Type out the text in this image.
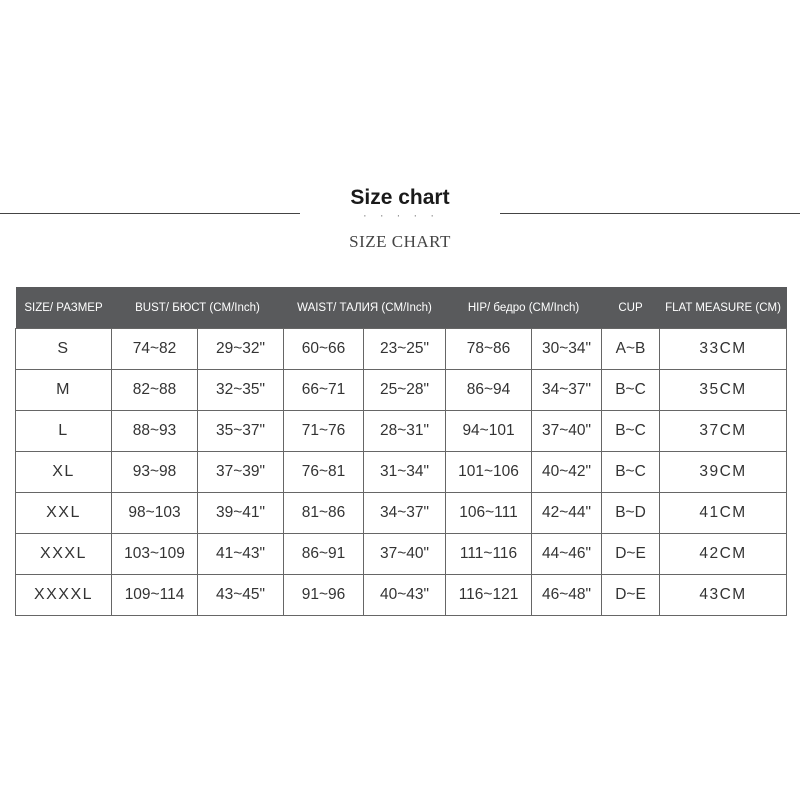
Size chart
· · · · ·
SIZE CHART
SIZE/ РАЗМЕР	BUST/ БЮСТ (CM/Inch)		WAIST/ ТАЛИЯ (CM/Inch)		HIP/ бедро (CM/Inch)		CUP	FLAT MEASURE (CM)
S	74~82	29~32"	60~66	23~25"	78~86	30~34"	A~B	33CM
M	82~88	32~35"	66~71	25~28"	86~94	34~37"	B~C	35CM
L	88~93	35~37"	71~76	28~31"	94~101	37~40"	B~C	37CM
XL	93~98	37~39"	76~81	31~34"	101~106	40~42"	B~C	39CM
XXL	98~103	39~41"	81~86	34~37"	106~111	42~44"	B~D	41CM
XXXL	103~109	41~43"	86~91	37~40"	111~116	44~46"	D~E	42CM
XXXXL	109~114	43~45"	91~96	40~43"	116~121	46~48"	D~E	43CM
